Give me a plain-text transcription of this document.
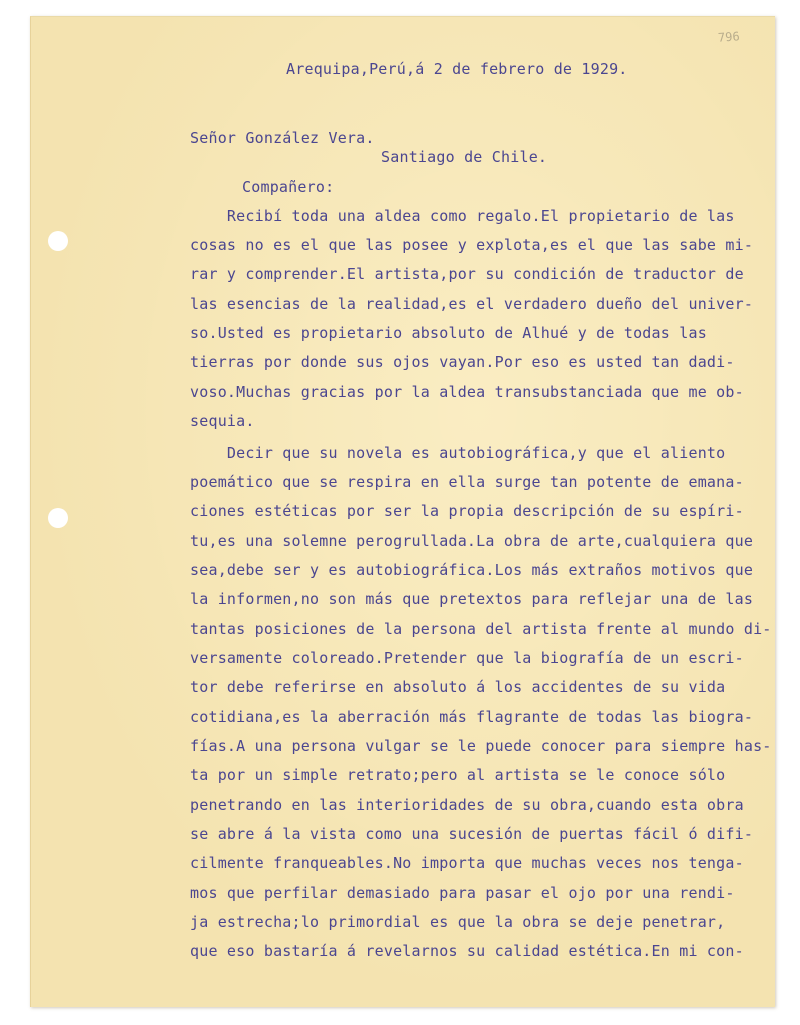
796
Arequipa,Perú,á 2 de febrero de 1929.
Señor González Vera.
Santiago de Chile.
Compañero:
Recibí toda una aldea como regalo.El propietario de las
cosas no es el que las posee y explota,es el que las sabe mi-
rar y comprender.El artista,por su condición de traductor de
las esencias de la realidad,es el verdadero dueño del univer-
so.Usted es propietario absoluto de Alhué y de todas las
tierras por donde sus ojos vayan.Por eso es usted tan dadi-
voso.Muchas gracias por la aldea transubstanciada que me ob-
sequia.
Decir que su novela es autobiográfica,y que el aliento
poemático que se respira en ella surge tan potente de emana-
ciones estéticas por ser la propia descripción de su espíri-
tu,es una solemne perogrullada.La obra de arte,cualquiera que
sea,debe ser y es autobiográfica.Los más extraños motivos que
la informen,no son más que pretextos para reflejar una de las
tantas posiciones de la persona del artista frente al mundo di-
versamente coloreado.Pretender que la biografía de un escri-
tor debe referirse en absoluto á los accidentes de su vida
cotidiana,es la aberración más flagrante de todas las biogra-
fías.A una persona vulgar se le puede conocer para siempre has-
ta por un simple retrato;pero al artista se le conoce sólo
penetrando en las interioridades de su obra,cuando esta obra
se abre á la vista como una sucesión de puertas fácil ó difi-
cilmente franqueables.No importa que muchas veces nos tenga-
mos que perfilar demasiado para pasar el ojo por una rendi-
ja estrecha;lo primordial es que la obra se deje penetrar,
que eso bastaría á revelarnos su calidad estética.En mi con-
